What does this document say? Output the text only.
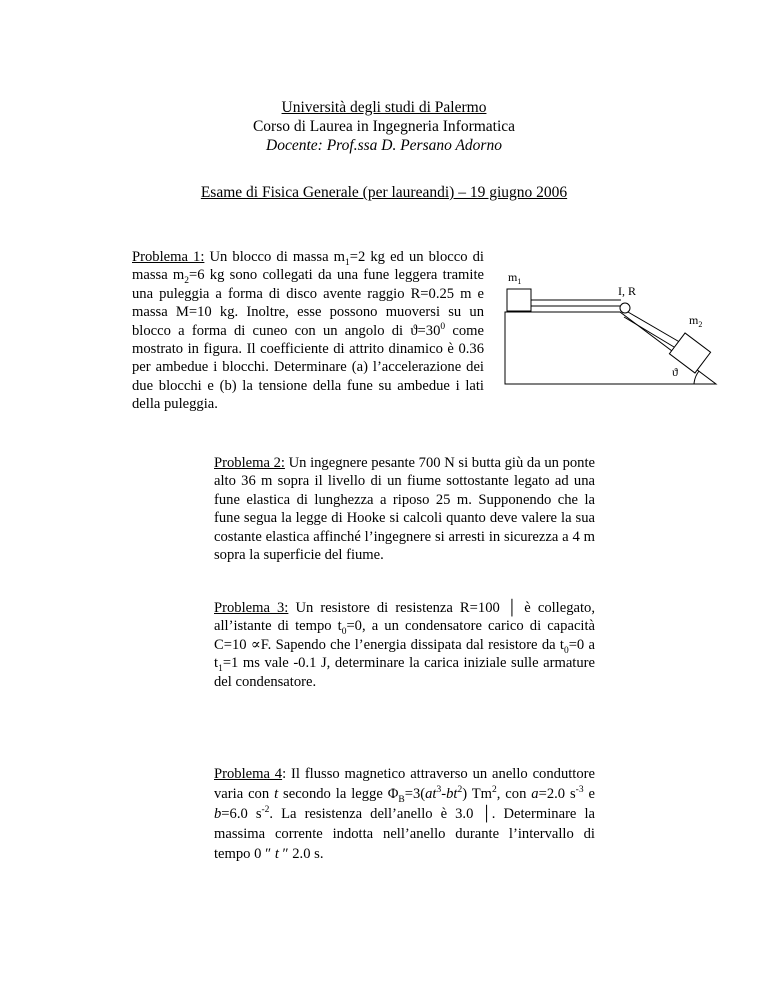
Università degli studi di Palermo
Corso di Laurea in Ingegneria Informatica
Docente: Prof.ssa D. Persano Adorno
Esame di Fisica Generale (per laureandi) – 19 giugno 2006

Problema 1: Un blocco di massa $m_1=2$ kg ed un blocco di massa $m_2=6$ kg sono collegati da una fune leggera tramite una puleggia a forma di disco avente raggio R=0.25 m e massa M=10 kg. Inoltre, esse possono muoversi su un blocco a forma di cuneo con un angolo di $ϑ=30^0$ come mostrato in figura. Il coefficiente di attrito dinamico è 0.36 per ambedue i blocchi. Determinare (a) l’accelerazione dei due blocchi e (b) la tensione della fune su ambedue i lati della puleggia.

$m_1$
I, R
$m_2$
ϑ

Problema 2: Un ingegnere pesante 700 N si butta giù da un ponte alto 36 m sopra il livello di un fiume sottostante legato ad una fune elastica di lunghezza a riposo 25 m. Supponendo che la fune segua la legge di Hooke si calcoli quanto deve valere la sua costante elastica affinché l’ingegnere si arresti in sicurezza a 4 m sopra la superficie del fiume.

Problema 3: Un resistore di resistenza R=100 │ è collegato, all’istante di tempo $t_0=0$, a un condensatore carico di capacità C=10 ∝F. Sapendo che l’energia dissipata dal resistore da $t_0=0$ a $t_1=1$ ms vale -0.1 J, determinare la carica iniziale sulle armature del condensatore.

Problema 4: Il flusso magnetico attraverso un anello conduttore varia con t secondo la legge $\Phi_B=3(at^3-bt^2)$ Tm$^2$, con a=2.0 $s^{-3}$ e b=6.0 $s^{-2}$. La resistenza dell’anello è 3.0 │. Determinare la massima corrente indotta nell’anello durante l’intervallo di tempo 0 ″ t ″ 2.0 s.
